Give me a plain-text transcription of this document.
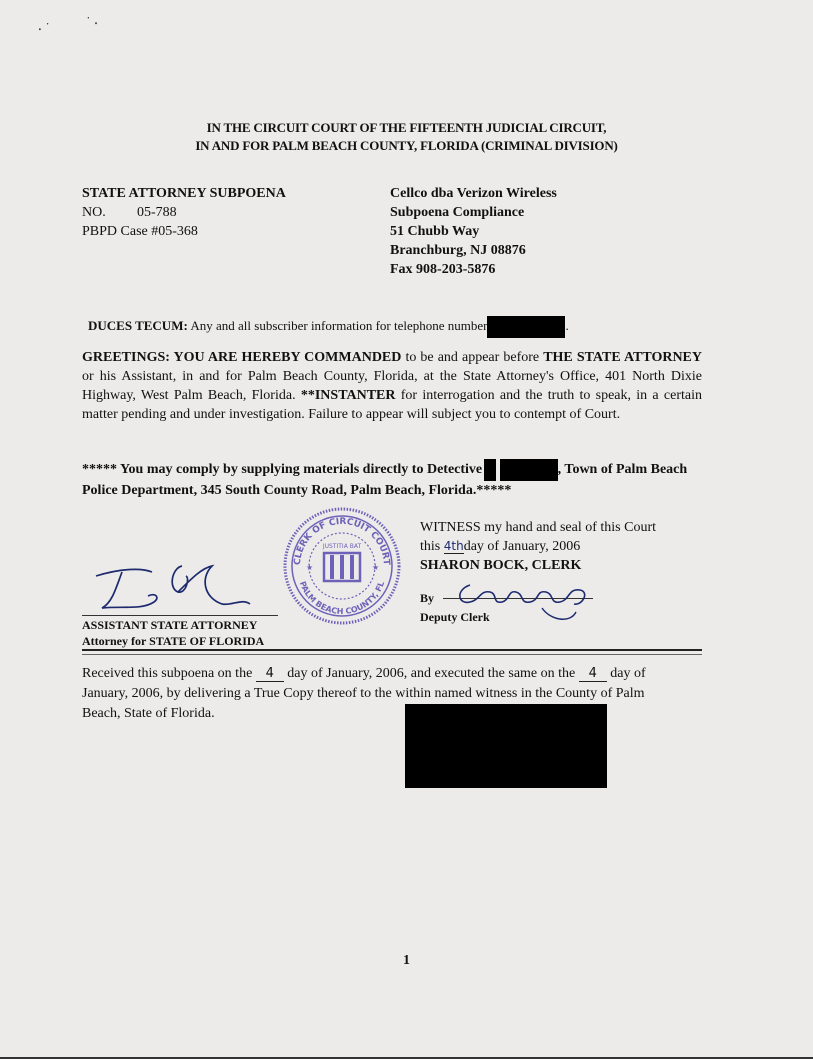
⸳ ˙	˙ ⸳
IN THE CIRCUIT COURT OF THE FIFTEENTH JUDICIAL CIRCUIT,
IN AND FOR PALM BEACH COUNTY, FLORIDA (CRIMINAL DIVISION)
STATE ATTORNEY SUBPOENA
NO. 05-788
PBPD Case #05-368
Cellco dba Verizon Wireless
Subpoena Compliance
51 Chubb Way
Branchburg, NJ 08876
Fax 908-203-5876
DUCES TECUM: Any and all subscriber information for telephone number	.
GREETINGS: YOU ARE HEREBY COMMANDED to be and appear before THE STATE ATTORNEY or his Assistant, in and for Palm Beach County, Florida, at the State Attorney's Office, 401 North Dixie Highway, West Palm Beach, Florida. **INSTANTER for interrogation and the truth to speak, in a certain matter pending and under investigation. Failure to appear will subject you to contempt of Court.
***** You may comply by supplying materials directly to Detective	, Town of Palm Beach Police Department, 345 South County Road, Palm Beach, Florida.*****
CLERK OF CIRCUIT COURT
PALM BEACH COUNTY, FL
JUSTITIA BAT
★	★
WITNESS my hand and seal of this Court
this 4thday of January, 2006
SHARON BOCK, CLERK
By
Deputy Clerk
ASSISTANT STATE ATTORNEY
Attorney for STATE OF FLORIDA
Received this subpoena on the 4 day of January, 2006, and executed the same on the 4 day of January, 2006, by delivering a True Copy thereof to the within named witness in the County of Palm Beach, State of Florida.
1
